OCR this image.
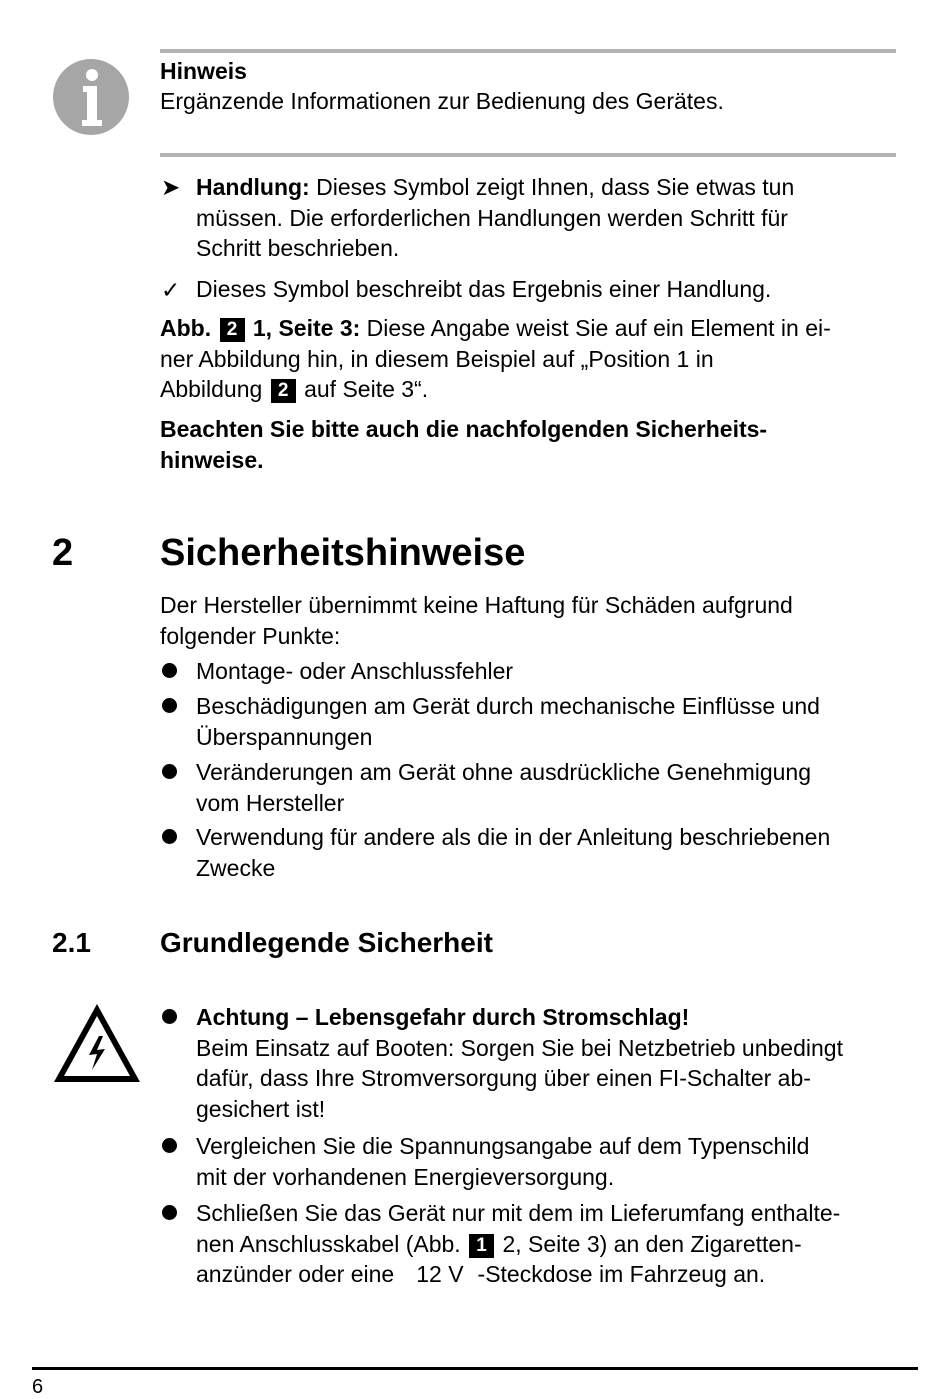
Hinweis
Ergänzende Informationen zur Bedienung des Gerätes.
➤ Handlung: Dieses Symbol zeigt Ihnen, dass Sie etwas tun
müssen. Die erforderlichen Handlungen werden Schritt für
Schritt beschrieben.
✓ Dieses Symbol beschreibt das Ergebnis einer Handlung.
Abb. 2 1, Seite 3: Diese Angabe weist Sie auf ein Element in ei-
ner Abbildung hin, in diesem Beispiel auf „Position 1 in
Abbildung 2 auf Seite 3“.
Beachten Sie bitte auch die nachfolgenden Sicherheits-
hinweise.
2 Sicherheitshinweise
Der Hersteller übernimmt keine Haftung für Schäden aufgrund
folgender Punkte:
Montage- oder Anschlussfehler
Beschädigungen am Gerät durch mechanische Einflüsse und
Überspannungen
Veränderungen am Gerät ohne ausdrückliche Genehmigung
vom Hersteller
Verwendung für andere als die in der Anleitung beschriebenen
Zwecke
2.1 Grundlegende Sicherheit
Achtung – Lebensgefahr durch Stromschlag!
Beim Einsatz auf Booten: Sorgen Sie bei Netzbetrieb unbedingt
dafür, dass Ihre Stromversorgung über einen FI-Schalter ab-
gesichert ist!
Vergleichen Sie die Spannungsangabe auf dem Typenschild
mit der vorhandenen Energieversorgung.
Schließen Sie das Gerät nur mit dem im Lieferumfang enthalte-
nen Anschlusskabel (Abb. 1 2, Seite 3) an den Zigaretten-
anzünder oder eine 12 V -Steckdose im Fahrzeug an.
6
